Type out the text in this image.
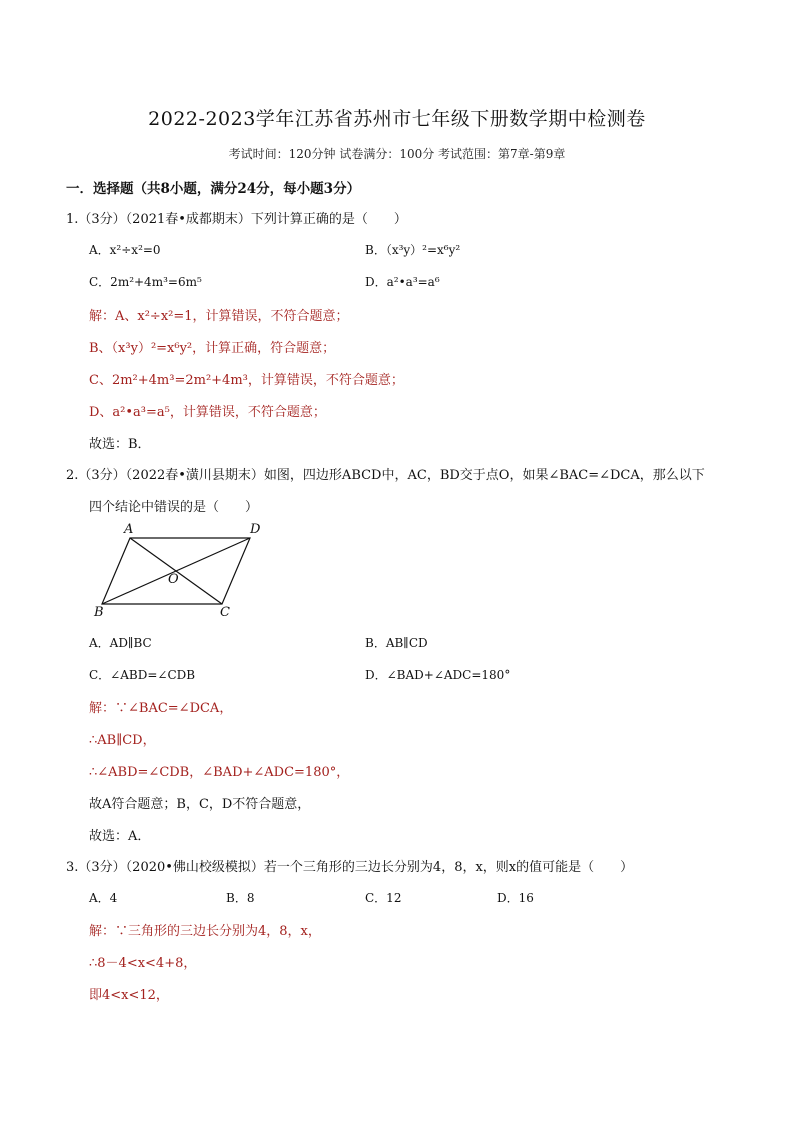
2022-2023学年江苏省苏州市七年级下册数学期中检测卷
考试时间：120分钟 试卷满分：100分 考试范围：第7章-第9章
一．选择题（共8小题，满分24分，每小题3分）
1.（3分）（2021春•成都期末）下列计算正确的是（　　）
A．x²÷x²=0	B．（x³y）²=x⁶y²
C．2m²+4m³=6m⁵	D．a²•a³=a⁶
解：A、x²÷x²=1，计算错误，不符合题意；
B、（x³y）²=x⁶y²，计算正确，符合题意；
C、2m²+4m³=2m²+4m³，计算错误，不符合题意；
D、a²•a³=a⁵，计算错误，不符合题意；
故选：B．
2.（3分）（2022春•潢川县期末）如图，四边形ABCD中，AC，BD交于点O，如果∠BAC=∠DCA，那么以下
四个结论中错误的是（　　）
A	D
O
B	C
A．AD∥BC	B．AB∥CD
C．∠ABD=∠CDB	D．∠BAD+∠ADC=180°
解：∵∠BAC=∠DCA，
∴AB∥CD，
∴∠ABD=∠CDB，∠BAD+∠ADC=180°，
故A符合题意；B，C，D不符合题意，
故选：A．
3.（3分）（2020•佛山校级模拟）若一个三角形的三边长分别为4，8，x，则x的值可能是（　　）
A．4	B．8	C．12	D．16
解：∵三角形的三边长分别为4，8，x，
∴8－4<x<4+8，
即4<x<12，
